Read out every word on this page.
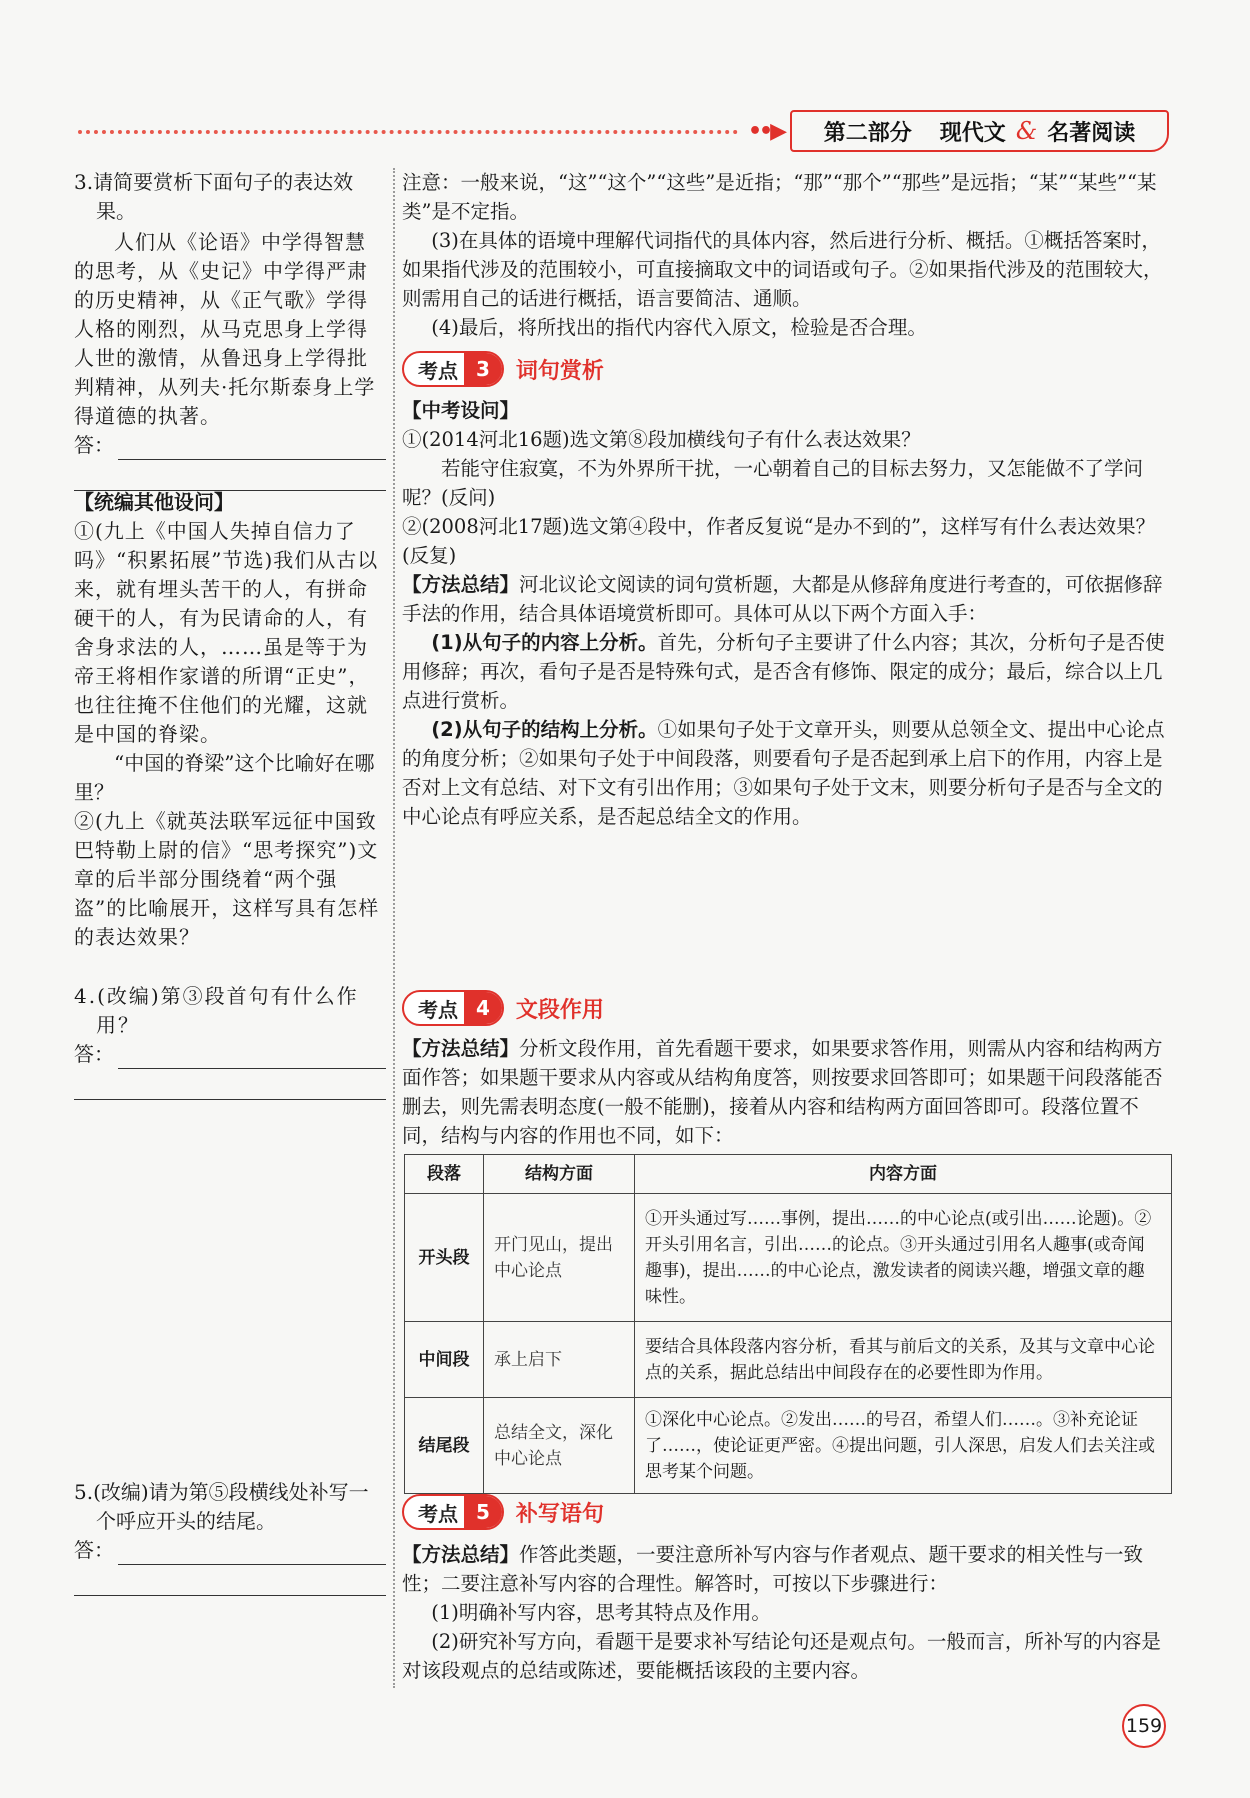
••▶ 第二部分 现代文 & 名著阅读

3.请简要赏析下面句子的表达效果。

人们从《论语》中学得智慧的思考，从《史记》中学得严肃的历史精神，从《正气歌》学得人格的刚烈，从马克思身上学得人世的激情，从鲁迅身上学得批判精神，从列夫·托尔斯泰身上学得道德的执著。

答：

【统编其他设问】

①(九上《中国人失掉自信力了吗》“积累拓展”节选)我们从古以来，就有埋头苦干的人，有拼命硬干的人，有为民请命的人，有舍身求法的人，……虽是等于为帝王将相作家谱的所谓“正史”，也往往掩不住他们的光耀，这就是中国的脊梁。

“中国的脊梁”这个比喻好在哪里？

②(九上《就英法联军远征中国致巴特勒上尉的信》“思考探究”)文章的后半部分围绕着“两个强盗”的比喻展开，这样写具有怎样的表达效果？

4.(改编)第③段首句有什么作用？

答：

5.(改编)请为第⑤段横线处补写一个呼应开头的结尾。

答：

注意：一般来说，“这”“这个”“这些”是近指；“那”“那个”“那些”是远指；“某”“某些”“某类”是不定指。

(3)在具体的语境中理解代词指代的具体内容，然后进行分析、概括。①概括答案时，如果指代涉及的范围较小，可直接摘取文中的词语或句子。②如果指代涉及的范围较大，则需用自己的话进行概括，语言要简洁、通顺。

(4)最后，将所找出的指代内容代入原文，检验是否合理。

考点 3	词句赏析

【中考设问】

①(2014河北16题)选文第⑧段加横线句子有什么表达效果？

若能守住寂寞，不为外界所干扰，一心朝着自己的目标去努力，又怎能做不了学问呢？(反问)

②(2008河北17题)选文第④段中，作者反复说“是办不到的”，这样写有什么表达效果？(反复)

【方法总结】河北议论文阅读的词句赏析题，大都是从修辞角度进行考查的，可依据修辞手法的作用，结合具体语境赏析即可。具体可从以下两个方面入手：

(1)从句子的内容上分析。首先，分析句子主要讲了什么内容；其次，分析句子是否使用修辞；再次，看句子是否是特殊句式，是否含有修饰、限定的成分；最后，综合以上几点进行赏析。

(2)从句子的结构上分析。①如果句子处于文章开头，则要从总领全文、提出中心论点的角度分析；②如果句子处于中间段落，则要看句子是否起到承上启下的作用，内容上是否对上文有总结、对下文有引出作用；③如果句子处于文末，则要分析句子是否与全文的中心论点有呼应关系，是否起总结全文的作用。

考点 4	文段作用

【方法总结】分析文段作用，首先看题干要求，如果要求答作用，则需从内容和结构两方面作答；如果题干要求从内容或从结构角度答，则按要求回答即可；如果题干问段落能否删去，则先需表明态度(一般不能删)，接着从内容和结构两方面回答即可。段落位置不同，结构与内容的作用也不同，如下：

段落	结构方面	内容方面
开头段	开门见山，提出中心论点	①开头通过写……事例，提出……的中心论点(或引出……论题)。②开头引用名言，引出……的论点。③开头通过引用名人趣事(或奇闻趣事)，提出……的中心论点，激发读者的阅读兴趣，增强文章的趣味性。
中间段	承上启下	要结合具体段落内容分析，看其与前后文的关系，及其与文章中心论点的关系，据此总结出中间段存在的必要性即为作用。
结尾段	总结全文，深化中心论点	①深化中心论点。②发出……的号召，希望人们……。③补充论证了……，使论证更严密。④提出问题，引人深思，启发人们去关注或思考某个问题。
考点 5	补写语句

【方法总结】作答此类题，一要注意所补写内容与作者观点、题干要求的相关性与一致性；二要注意补写内容的合理性。解答时，可按以下步骤进行：

(1)明确补写内容，思考其特点及作用。

(2)研究补写方向，看题干是要求补写结论句还是观点句。一般而言，所补写的内容是对该段观点的总结或陈述，要能概括该段的主要内容。

159
